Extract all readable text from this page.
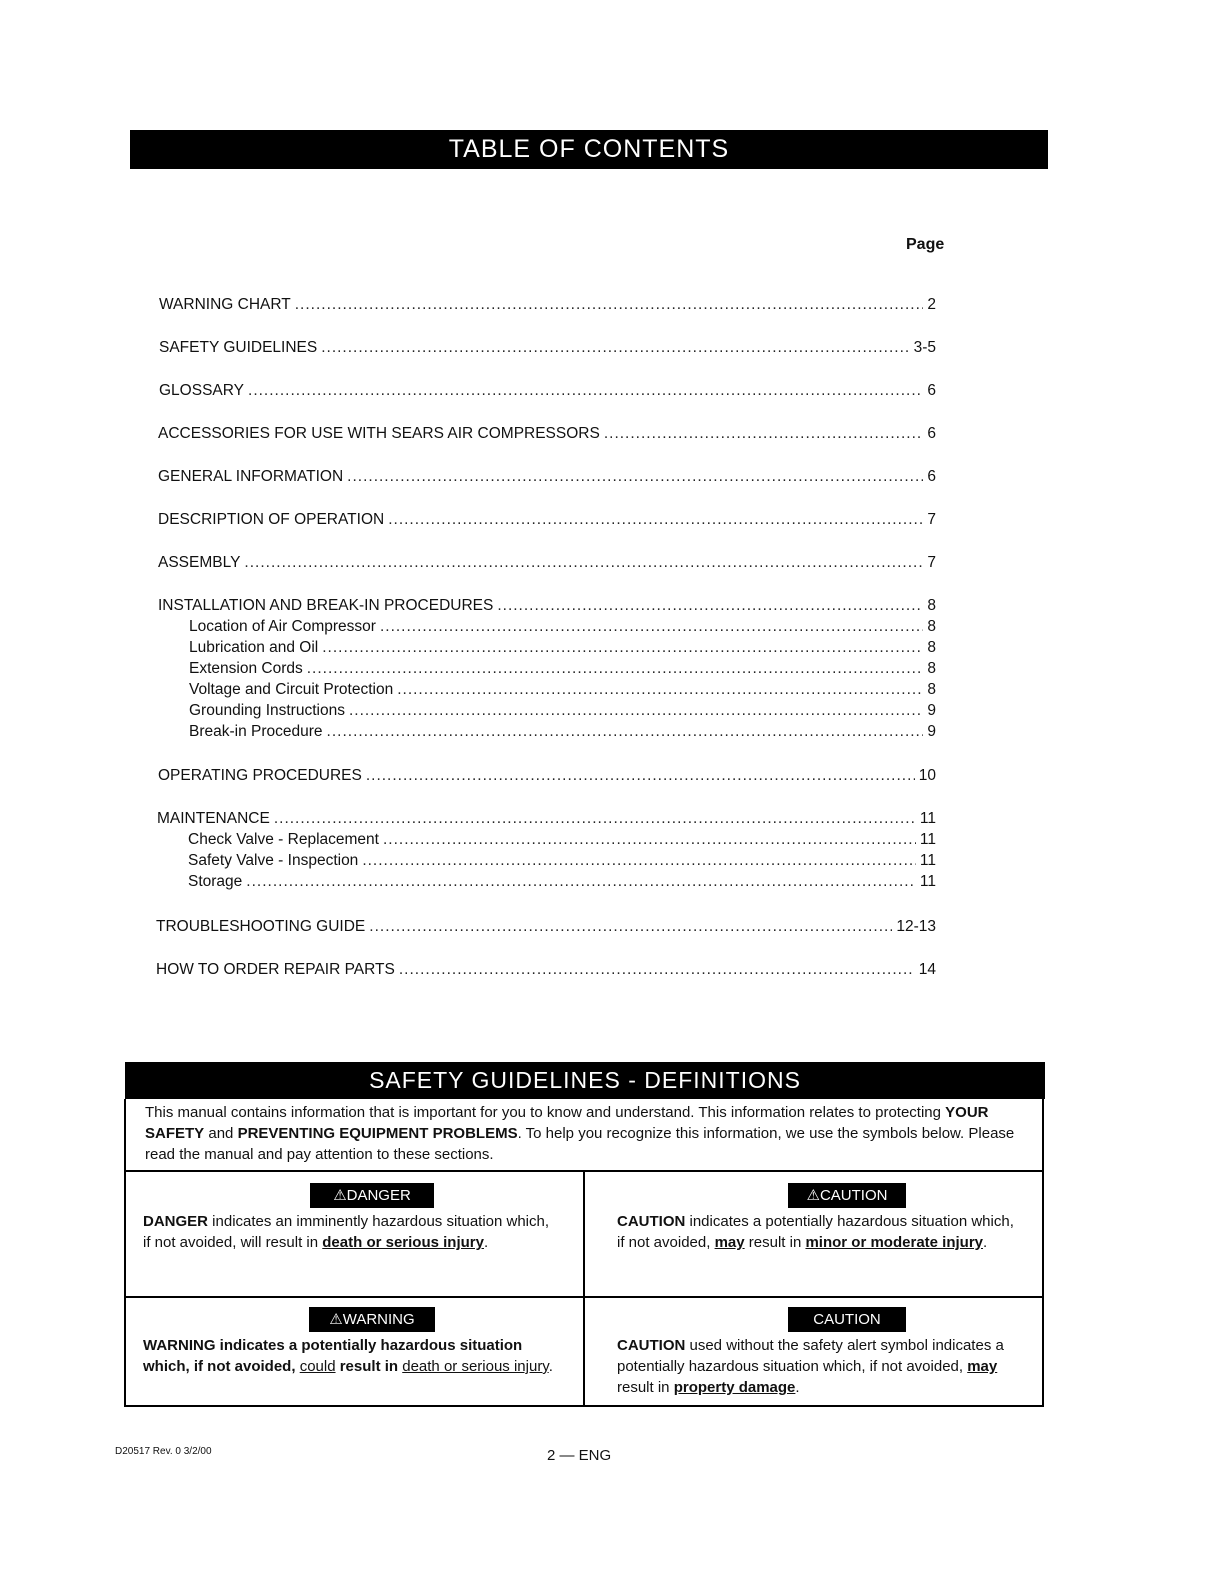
TABLE OF CONTENTS
Page
WARNING CHART .....	2
SAFETY GUIDELINES .....	3-5
GLOSSARY .....	6
ACCESSORIES FOR USE WITH SEARS AIR COMPRESSORS .....	6
GENERAL INFORMATION .....	6
DESCRIPTION OF OPERATION .....	7
ASSEMBLY .....	7
INSTALLATION AND BREAK-IN PROCEDURES .....	8
Location of Air Compressor .....	8
Lubrication and Oil .....	8
Extension Cords .....	8
Voltage and Circuit Protection .....	8
Grounding Instructions .....	9
Break-in Procedure .....	9
OPERATING PROCEDURES .....	10
MAINTENANCE .....	11
Check Valve - Replacement .....	11
Safety Valve - Inspection .....	11
Storage .....	11
TROUBLESHOOTING GUIDE .....	12-13
HOW TO ORDER REPAIR PARTS .....	14
SAFETY GUIDELINES - DEFINITIONS
This manual contains information that is important for you to know and understand. This information relates to protecting YOUR SAFETY and PREVENTING EQUIPMENT PROBLEMS. To help you recognize this information, we use the symbols below. Please read the manual and pay attention to these sections.
⚠DANGER
DANGER indicates an imminently hazardous situation which, if not avoided, will result in death or serious injury.
⚠CAUTION
CAUTION indicates a potentially hazardous situation which, if not avoided, may result in minor or moderate injury.
⚠WARNING
WARNING indicates a potentially hazardous situation which, if not avoided, could result in death or serious injury.
CAUTION
CAUTION used without the safety alert symbol indicates a potentially hazardous situation which, if not avoided, may result in property damage.
D20517 Rev. 0 3/2/00	2 — ENG
